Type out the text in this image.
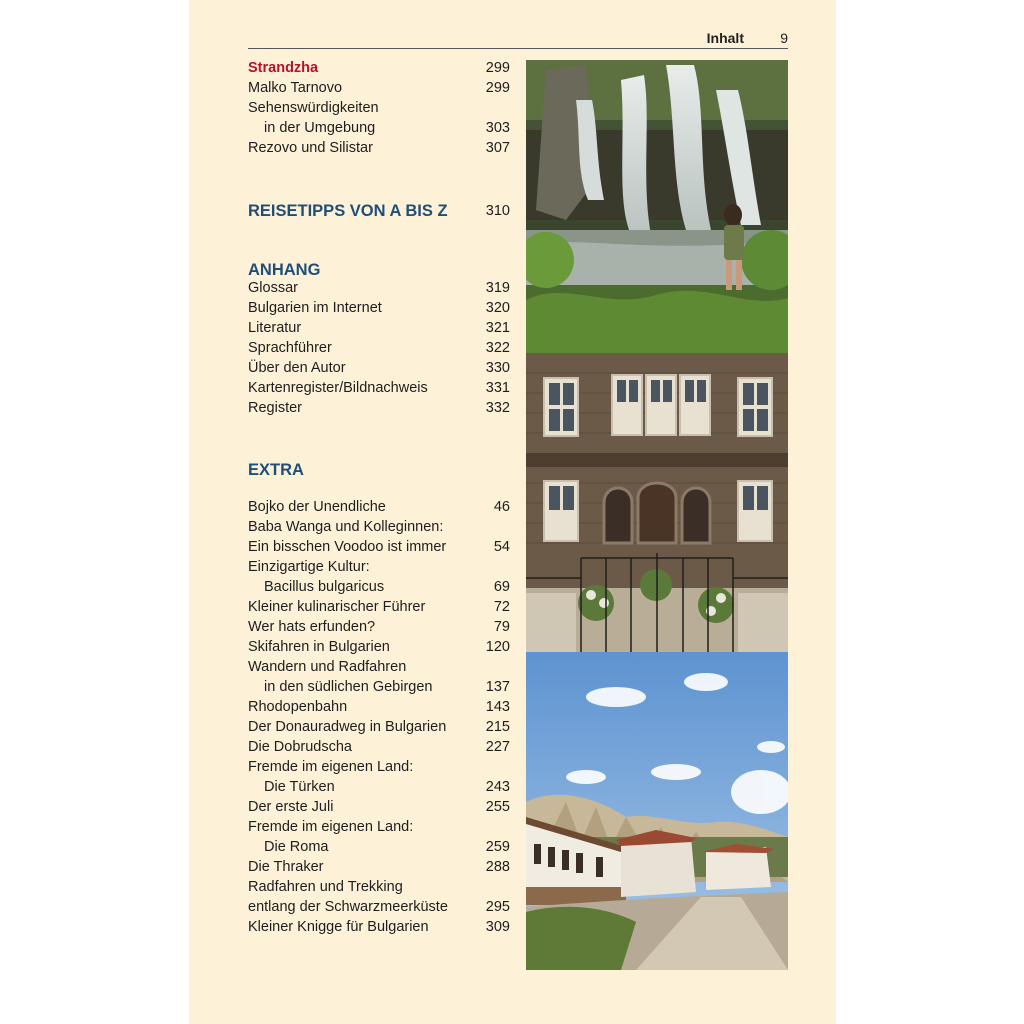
Inhalt	9
Strandzha	299
Malko Tarnovo	299
Sehenswürdigkeiten
in der Umgebung	303
Rezovo und Silistar	307
REISETIPPS VON A BIS Z	310
ANHANG
Glossar	319
Bulgarien im Internet	320
Literatur	321
Sprachführer	322
Über den Autor	330
Kartenregister/Bildnachweis	331
Register	332
EXTRA
Bojko der Unendliche	46
Baba Wanga und Kolleginnen:
Ein bisschen Voodoo ist immer	54
Einzigartige Kultur:
Bacillus bulgaricus	69
Kleiner kulinarischer Führer	72
Wer hats erfunden?	79
Skifahren in Bulgarien	120
Wandern und Radfahren
in den südlichen Gebirgen	137
Rhodopenbahn	143
Der Donauradweg in Bulgarien	215
Die Dobrudscha	227
Fremde im eigenen Land:
Die Türken	243
Der erste Juli	255
Fremde im eigenen Land:
Die Roma	259
Die Thraker	288
Radfahren und Trekking
entlang der Schwarzmeerküste	295
Kleiner Knigge für Bulgarien	309
